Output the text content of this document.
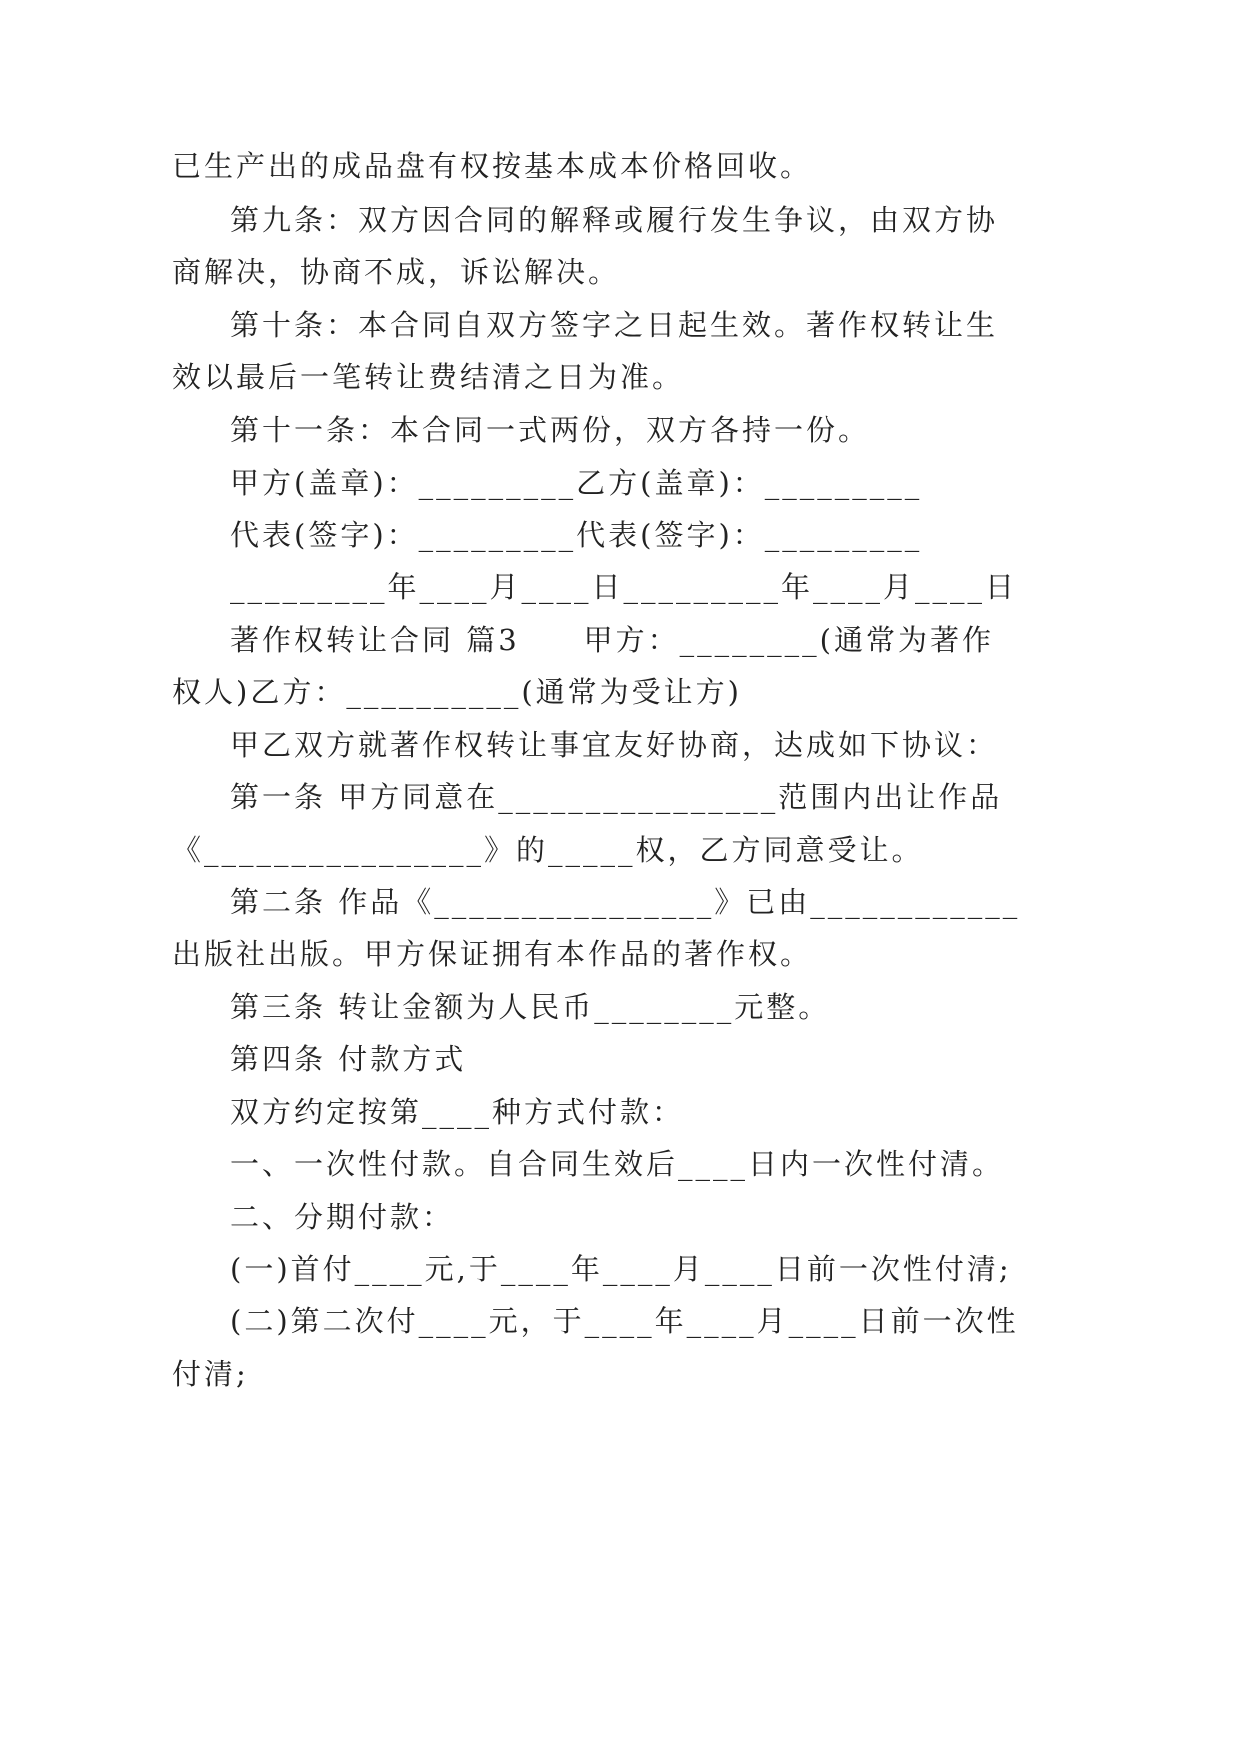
已生产出的成品盘有权按基本成本价格回收。
第九条：双方因合同的解释或履行发生争议，由双方协
商解决，协商不成，诉讼解决。
第十条：本合同自双方签字之日起生效。著作权转让生
效以最后一笔转让费结清之日为准。
第十一条：本合同一式两份，双方各持一份。
甲方(盖章)：_________乙方(盖章)：_________
代表(签字)：_________代表(签字)：_________
_________年____月____日_________年____月____日
著作权转让合同 篇3　　甲方：________(通常为著作
权人)乙方：__________(通常为受让方)
甲乙双方就著作权转让事宜友好协商，达成如下协议：
第一条 甲方同意在________________范围内出让作品
《________________》的_____权，乙方同意受让。
第二条 作品《________________》已由____________
出版社出版。甲方保证拥有本作品的著作权。
第三条 转让金额为人民币________元整。
第四条 付款方式
双方约定按第____种方式付款：
一、一次性付款。自合同生效后____日内一次性付清。
二、分期付款：
(一)首付____元,于____年____月____日前一次性付清;
(二)第二次付____元，于____年____月____日前一次性
付清;
